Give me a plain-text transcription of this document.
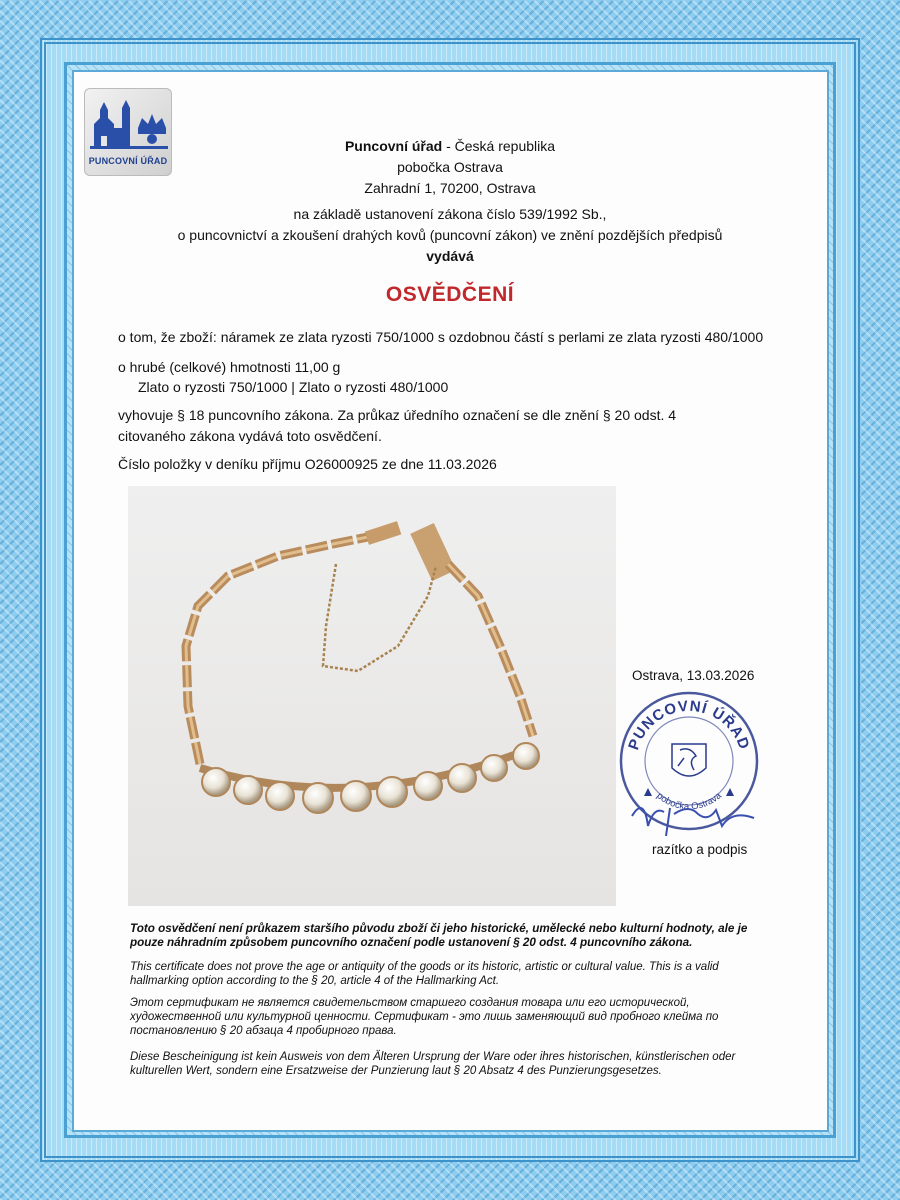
PUNCOVNÍ ÚŘAD
Puncovní úřad - Česká republika
pobočka Ostrava
Zahradní 1, 70200, Ostrava
na základě ustanovení zákona číslo 539/1992 Sb.,
o puncovnictví a zkoušení drahých kovů (puncovní zákon) ve znění pozdějších předpisů
vydává
OSVĚDČENÍ
o tom, že zboží: náramek ze zlata ryzosti 750/1000 s ozdobnou částí s perlami ze zlata ryzosti 480/1000
o hrubé (celkové) hmotnosti 11,00 g
Zlato o ryzosti 750/1000 | Zlato o ryzosti 480/1000
vyhovuje § 18 puncovního zákona. Za průkaz úředního označení se dle znění § 20 odst. 4
citovaného zákona vydává toto osvědčení.
Číslo položky v deníku příjmu O26000925 ze dne 11.03.2026
Ostrava, 13.03.2026
PUNCOVNÍ ÚŘAD
pobočka Ostrava
razítko a podpis
Toto osvědčení není průkazem staršího původu zboží či jeho historické, umělecké nebo kulturní hodnoty, ale je pouze náhradním způsobem puncovního označení podle ustanovení § 20 odst. 4 puncovního zákona.
This certificate does not prove the age or antiquity of the goods or its historic, artistic or cultural value. This is a valid hallmarking option according to the § 20, article 4 of the Hallmarking Act.
Этот сертификат не является свидетельством старшего создания товара или его исторической, художественной или культурной ценности. Сертификат - это лишь заменяющий вид пробного клейма по постановлению § 20 абзаца 4 пробирного права.
Diese Bescheinigung ist kein Ausweis von dem Älteren Ursprung der Ware oder ihres historischen, künstlerischen oder kulturellen Wert, sondern eine Ersatzweise der Punzierung laut § 20 Absatz 4 des Punzierungsgesetzes.
